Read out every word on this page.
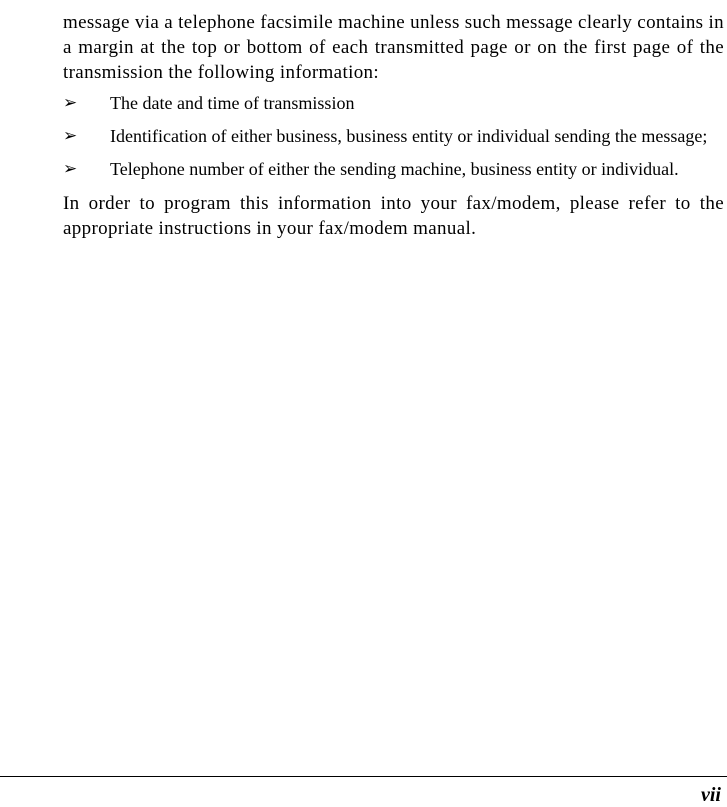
message via a telephone facsimile machine unless such message clearly contains in a margin at the top or bottom of each transmitted page or on the first page of the transmission the following information:

➢	The date and time of transmission
➢	Identification of either business, business entity or individual sending the message;
➢	Telephone number of either the sending machine, business entity or individual.

In order to program this information into your fax/modem, please refer to the appropriate instructions in your fax/modem manual.

vii
